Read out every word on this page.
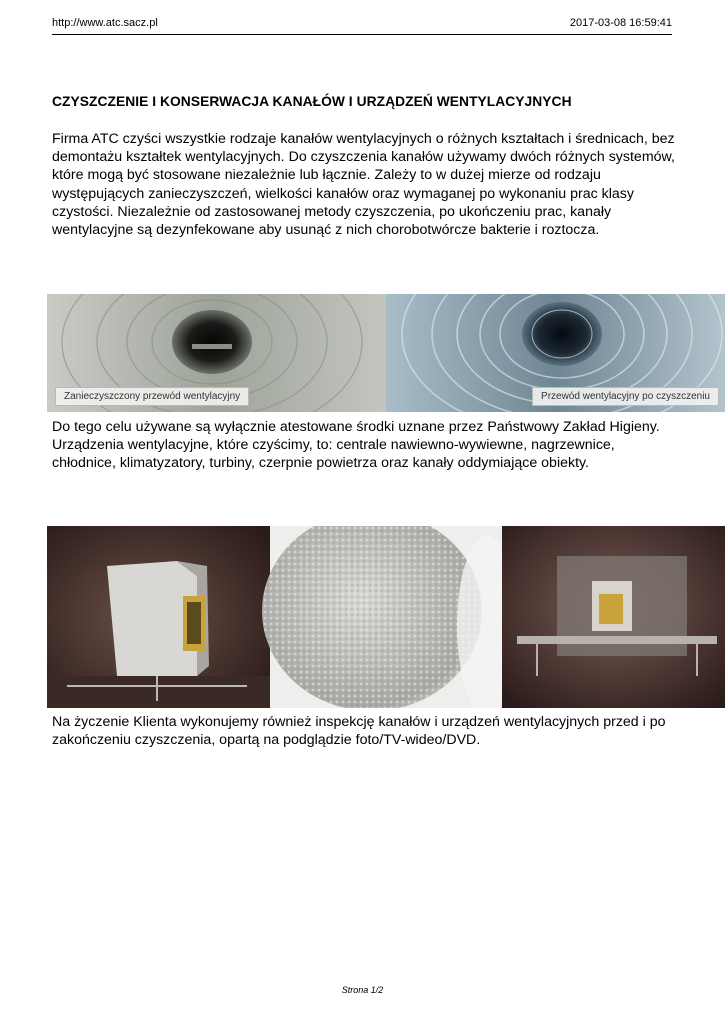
http://www.atc.sacz.pl	2017-03-08 16:59:41
CZYSZCZENIE I KONSERWACJA KANAŁÓW I URZĄDZEŃ WENTYLACYJNYCH

Firma ATC czyści wszystkie rodzaje kanałów wentylacyjnych o różnych kształtach i średnicach, bez demontażu kształtek wentylacyjnych. Do czyszczenia kanałów używamy dwóch różnych systemów, które mogą być stosowane niezależnie lub łącznie. Zależy to w dużej mierze od rodzaju występujących zanieczyszczeń, wielkości kanałów oraz wymaganej po wykonaniu prac klasy czystości. Niezależnie od zastosowanej metody czyszczenia, po ukończeniu prac, kanały wentylacyjne są dezynfekowane aby usunąć z nich chorobotwórcze bakterie i roztocza.

Zanieczyszczony przewód wentylacyjny	Przewód wentylacyjny po czyszczeniu

Do tego celu używane są wyłącznie atestowane środki uznane przez Państwowy Zakład Higieny. Urządzenia wentylacyjne, które czyścimy, to: centrale nawiewno-wywiewne, nagrzewnice, chłodnice, klimatyzatory, turbiny, czerpnie powietrza oraz kanały oddymiające obiekty.

Na życzenie Klienta wykonujemy również inspekcję kanałów i urządzeń wentylacyjnych przed i po zakończeniu czyszczenia, opartą na podglądzie foto/TV-wideo/DVD.

Strona 1/2
